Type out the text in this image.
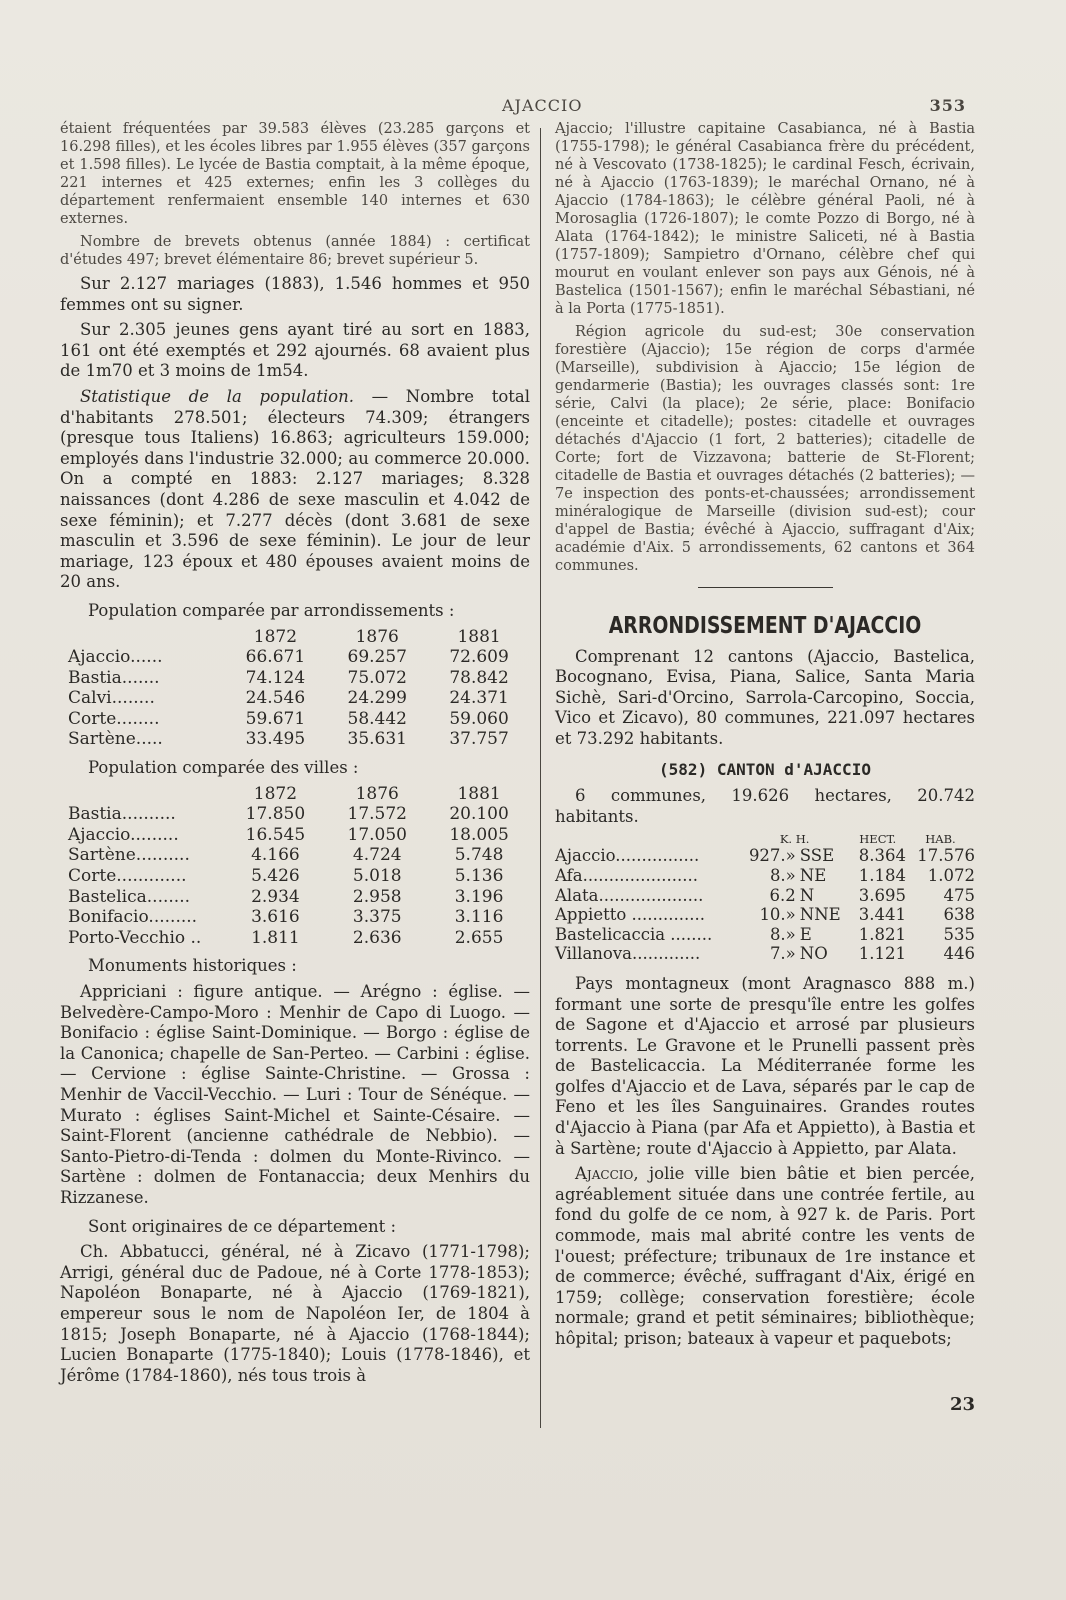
AJACCIO	353

étaient fréquentées par 39.583 élèves (23.285 garçons et 16.298 filles), et les écoles libres par 1.955 élèves (357 garçons et 1.598 filles). Le lycée de Bastia comptait, à la même époque, 221 internes et 425 externes; enfin les 3 collèges du département renfermaient ensemble 140 internes et 630 externes.

Nombre de brevets obtenus (année 1884) : certificat d'études 497; brevet élémentaire 86; brevet supérieur 5.

Sur 2.127 mariages (1883), 1.546 hommes et 950 femmes ont su signer.

Sur 2.305 jeunes gens ayant tiré au sort en 1883, 161 ont été exemptés et 292 ajournés. 68 avaient plus de 1m70 et 3 moins de 1m54.

Statistique de la population. — Nombre total d'habitants 278.501; électeurs 74.309; étrangers (presque tous Italiens) 16.863; agriculteurs 159.000; employés dans l'industrie 32.000; au commerce 20.000. On a compté en 1883: 2.127 mariages; 8.328 naissances (dont 4.286 de sexe masculin et 4.042 de sexe féminin); et 7.277 décès (dont 3.681 de sexe masculin et 3.596 de sexe féminin). Le jour de leur mariage, 123 époux et 480 épouses avaient moins de 20 ans.

Population comparée par arrondissements :

	1872	1876	1881
Ajaccio......	66.671	69.257	72.609
Bastia.......	74.124	75.072	78.842
Calvi........	24.546	24.299	24.371
Corte........	59.671	58.442	59.060
Sartène.....	33.495	35.631	37.757

Population comparée des villes :

	1872	1876	1881
Bastia..........	17.850	17.572	20.100
Ajaccio.........	16.545	17.050	18.005
Sartène..........	4.166	4.724	5.748
Corte.............	5.426	5.018	5.136
Bastelica........	2.934	2.958	3.196
Bonifacio.........	3.616	3.375	3.116
Porto-Vecchio ..	1.811	2.636	2.655

Monuments historiques :

Appriciani : figure antique. — Arégno : église. — Belvedère-Campo-Moro : Menhir de Capo di Luogo. — Bonifacio : église Saint-Dominique. — Borgo : église de la Canonica; chapelle de San-Perteo. — Carbini : église. — Cervione : église Sainte-Christine. — Grossa : Menhir de Vaccil-Vecchio. — Luri : Tour de Sénéque. — Murato : églises Saint-Michel et Sainte-Césaire. — Saint-Florent (ancienne cathédrale de Nebbio). — Santo-Pietro-di-Tenda : dolmen du Monte-Rivinco. — Sartène : dolmen de Fontanaccia; deux Menhirs du Rizzanese.

Sont originaires de ce département :

Ch. Abbatucci, général, né à Zicavo (1771-1798); Arrigi, général duc de Padoue, né à Corte 1778-1853); Napoléon Bonaparte, né à Ajaccio (1769-1821), empereur sous le nom de Napoléon Ier, de 1804 à 1815; Joseph Bonaparte, né à Ajaccio (1768-1844); Lucien Bonaparte (1775-1840); Louis (1778-1846), et Jérôme (1784-1860), nés tous trois à

Ajaccio; l'illustre capitaine Casabianca, né à Bastia (1755-1798); le général Casabianca frère du précédent, né à Vescovato (1738-1825); le cardinal Fesch, écrivain, né à Ajaccio (1763-1839); le maréchal Ornano, né à Ajaccio (1784-1863); le célèbre général Paoli, né à Morosaglia (1726-1807); le comte Pozzo di Borgo, né à Alata (1764-1842); le ministre Saliceti, né à Bastia (1757-1809); Sampietro d'Ornano, célèbre chef qui mourut en voulant enlever son pays aux Génois, né à Bastelica (1501-1567); enfin le maréchal Sébastiani, né à la Porta (1775-1851).

Région agricole du sud-est; 30e conservation forestière (Ajaccio); 15e région de corps d'armée (Marseille), subdivision à Ajaccio; 15e légion de gendarmerie (Bastia); les ouvrages classés sont: 1re série, Calvi (la place); 2e série, place: Bonifacio (enceinte et citadelle); postes: citadelle et ouvrages détachés d'Ajaccio (1 fort, 2 batteries); citadelle de Corte; fort de Vizzavona; batterie de St-Florent; citadelle de Bastia et ouvrages détachés (2 batteries); — 7e inspection des ponts-et-chaussées; arrondissement minéralogique de Marseille (division sud-est); cour d'appel de Bastia; évêché à Ajaccio, suffragant d'Aix; académie d'Aix. 5 arrondissements, 62 cantons et 364 communes.

ARRONDISSEMENT D'AJACCIO

Comprenant 12 cantons (Ajaccio, Bastelica, Bocognano, Evisa, Piana, Salice, Santa Maria Sichè, Sari-d'Orcino, Sarrola-Carcopino, Soccia, Vico et Zicavo), 80 communes, 221.097 hectares et 73.292 habitants.

(582) CANTON d'AJACCIO

6 communes, 19.626 hectares, 20.742 habitants.

	K. H.		HECT.	HAB.
Ajaccio................	927.»	SSE	8.364	17.576
Afa......................	8.»	NE	1.184	1.072
Alata....................	6.2	N	3.695	475
Appietto ..............	10.»	NNE	3.441	638
Bastelicaccia ........	8.»	E	1.821	535
Villanova.............	7.»	NO	1.121	446

Pays montagneux (mont Aragnasco 888 m.) formant une sorte de presqu'île entre les golfes de Sagone et d'Ajaccio et arrosé par plusieurs torrents. Le Gravone et le Prunelli passent près de Bastelicaccia. La Méditerranée forme les golfes d'Ajaccio et de Lava, séparés par le cap de Feno et les îles Sanguinaires. Grandes routes d'Ajaccio à Piana (par Afa et Appietto), à Bastia et à Sartène; route d'Ajaccio à Appietto, par Alata.

Ajaccio, jolie ville bien bâtie et bien percée, agréablement située dans une contrée fertile, au fond du golfe de ce nom, à 927 k. de Paris. Port commode, mais mal abrité contre les vents de l'ouest; préfecture; tribunaux de 1re instance et de commerce; évêché, suffragant d'Aix, érigé en 1759; collège; conservation forestière; école normale; grand et petit séminaires; bibliothèque; hôpital; prison; bateaux à vapeur et paquebots;

23
